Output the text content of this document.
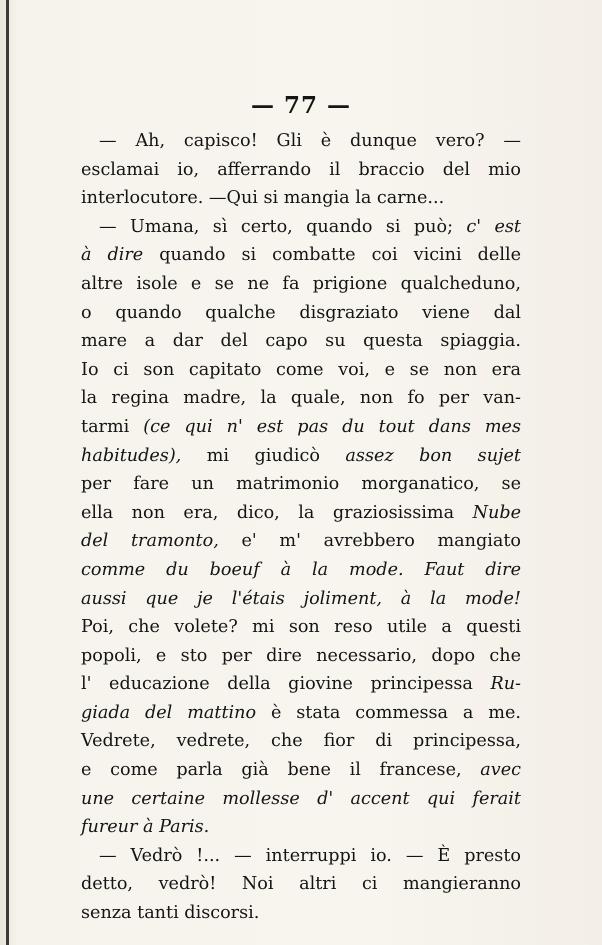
— 77 —

— Ah, capisco! Gli è dunque vero? —
esclamai io, afferrando il braccio del mio
interlocutore. —Qui si mangia la carne...
— Umana, sì certo, quando si può; c' est
à dire quando si combatte coi vicini delle
altre isole e se ne fa prigione qualcheduno,
o quando qualche disgraziato viene dal
mare a dar del capo su questa spiaggia.
Io ci son capitato come voi, e se non era
la regina madre, la quale, non fo per van-
tarmi (ce qui n' est pas du tout dans mes
habitudes), mi giudicò assez bon sujet
per fare un matrimonio morganatico, se
ella non era, dico, la graziosissima Nube
del tramonto, e' m' avrebbero mangiato
comme du boeuf à la mode. Faut dire
aussi que je l'étais joliment, à la mode!
Poi, che volete? mi son reso utile a questi
popoli, e sto per dire necessario, dopo che
l' educazione della giovine principessa Ru-
giada del mattino è stata commessa a me.
Vedrete, vedrete, che fior di principessa,
e come parla già bene il francese, avec
une certaine mollesse d' accent qui ferait
fureur à Paris.
— Vedrò !... — interruppi io. — È presto
detto, vedrò! Noi altri ci mangieranno
senza tanti discorsi.
